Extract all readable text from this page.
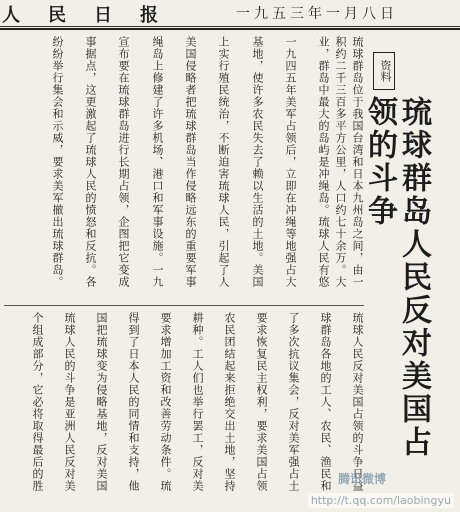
人民日报	一九五三年一月八日
资料
琉球群岛人民反对美国占领的斗争
琉球群岛位于我国台湾和日本九州岛之间，由一
积约二千三百多平方公里，人口约七十余万。大
业，群岛中最大的岛屿是冲绳岛。琉球人民有悠
一九四五年美军占领后，立即在冲绳等地强占大
基地，使许多农民失去了赖以生活的土地。美国
上实行殖民统治，不断迫害琉球人民，引起了人
美国侵略者把琉球群岛当作侵略远东的重要军事
绳岛上修建了许多机场、港口和军事设施。一九
宣布要在琉球群岛进行长期占领，企图把它变成
事据点，这更激起了琉球人民的愤怒和反抗。各
纷纷举行集会和示威，要求美军撤出琉球群岛。
琉球人民反对美国占领的斗争日益
球群岛各地的工人、农民、渔民和
了多次抗议集会，反对美军强占土
要求恢复民主权利，要求美国占领
农民团结起来拒绝交出土地，坚持
耕种。工人们也举行罢工，反对美
要求增加工资和改善劳动条件。琉
得到了日本人民的同情和支持，他
国把琉球变为侵略基地，反对美国
琉球人民的斗争是亚洲人民反对美
个组成部分，它必将取得最后的胜	腾讯微博
http://t.qq.com/laobingyu
